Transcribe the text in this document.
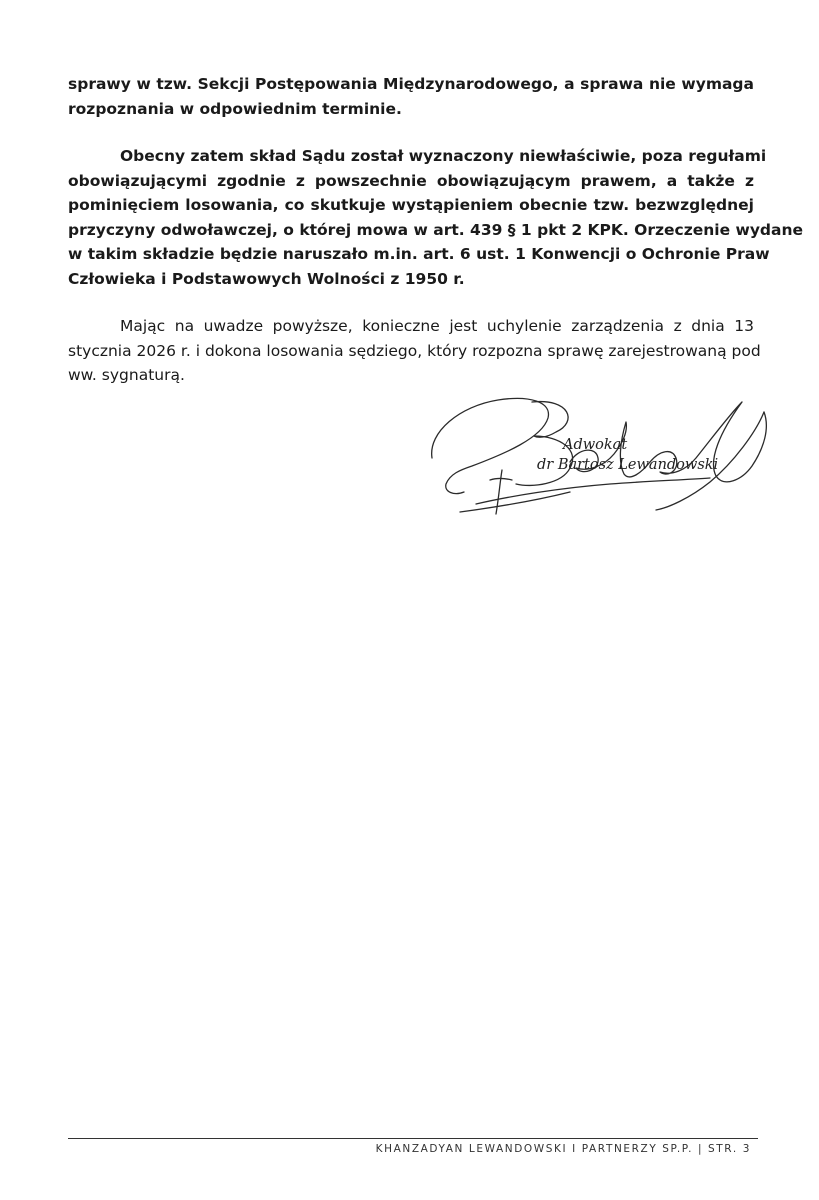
sprawy w tzw. Sekcji Postępowania Międzynarodowego, a sprawa nie wymaga
rozpoznania w odpowiednim terminie.

Obecny zatem skład Sądu został wyznaczony niewłaściwie, poza regułami
obowiązującymi zgodnie z powszechnie obowiązującym prawem, a także z
pominięciem losowania, co skutkuje wystąpieniem obecnie tzw. bezwzględnej
przyczyny odwoławczej, o której mowa w art. 439 § 1 pkt 2 KPK. Orzeczenie wydane
w takim składzie będzie naruszało m.in. art. 6 ust. 1 Konwencji o Ochronie Praw
Człowieka i Podstawowych Wolności z 1950 r.

Mając na uwadze powyższe, konieczne jest uchylenie zarządzenia z dnia 13
stycznia 2026 r. i dokona losowania sędziego, który rozpozna sprawę zarejestrowaną pod
ww. sygnaturą.

Adwokat
dr Bartosz Lewandowski
KHANZADYAN LEWANDOWSKI I PARTNERZY SP.P. | STR. 3
